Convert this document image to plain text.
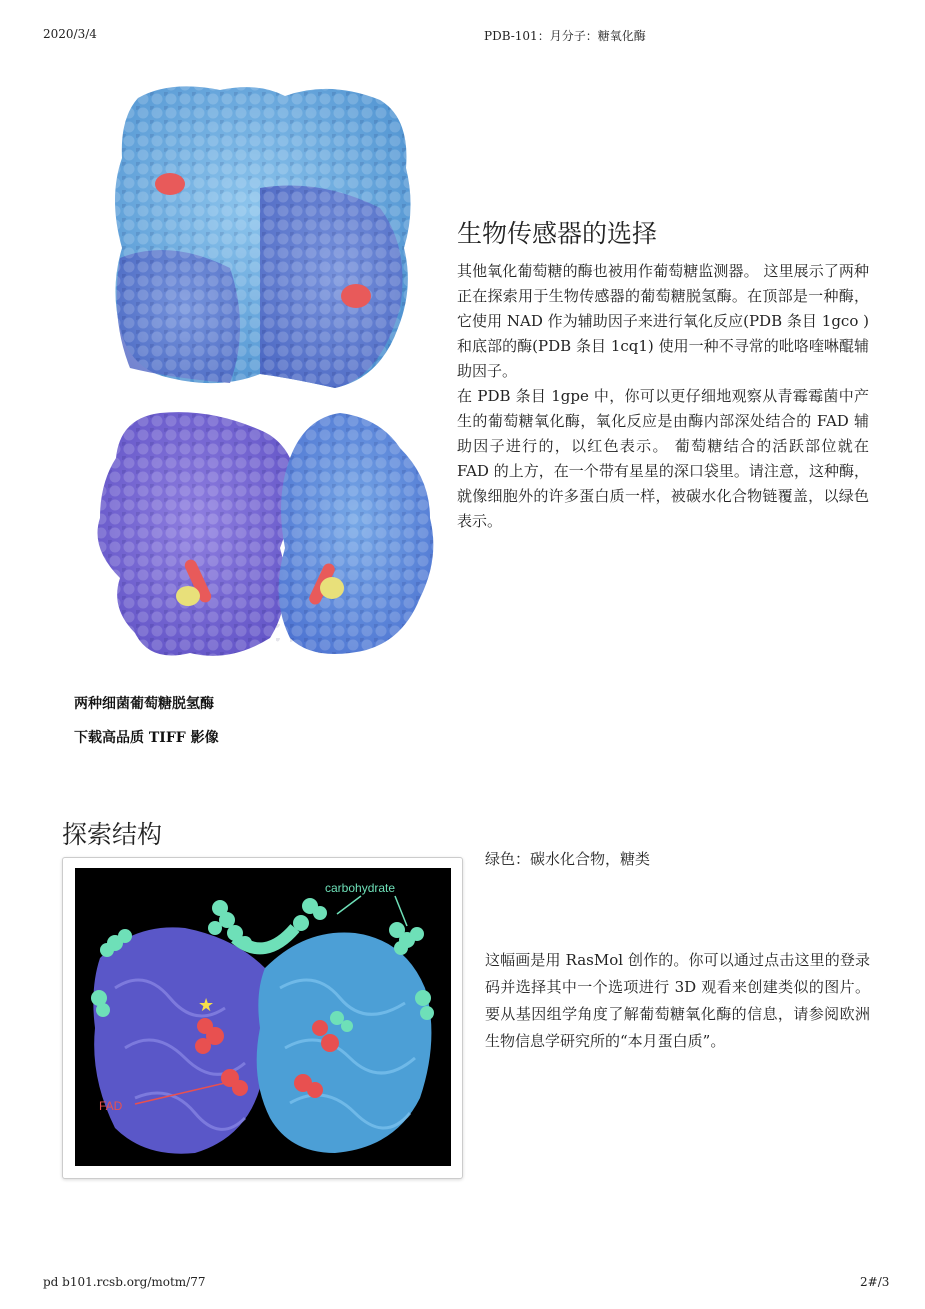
2020/3/4	PDB-101：月分子：糖氧化酶
两种细菌葡萄糖脱氢酶
下载高品质 TIFF 影像
生物传感器的选择

其他氧化葡萄糖的酶也被用作葡萄糖监测器。 这里展示了两种正在探索用于生物传感器的葡萄糖脱氢酶。在顶部是一种酶，它使用 NAD 作为辅助因子来进行氧化反应(PDB 条目 1gco )和底部的酶(PDB 条目 1cq1) 使用一种不寻常的吡咯喹啉醌辅助因子。

在 PDB 条目 1gpe 中，你可以更仔细地观察从青霉霉菌中产生的葡萄糖氧化酶，氧化反应是由酶内部深处结合的 FAD 辅助因子进行的，以红色表示。 葡萄糖结合的活跃部位就在 FAD 的上方，在一个带有星星的深口袋里。请注意，这种酶，就像细胞外的许多蛋白质一样，被碳水化合物链覆盖，以绿色表示。

探索结构
★
carbohydrate
FAD

绿色：碳水化合物，糖类

这幅画是用 RasMol 创作的。你可以通过点击这里的登录码并选择其中一个选项进行 3D 观看来创建类似的图片。 要从基因组学角度了解葡萄糖氧化酶的信息，请参阅欧洲生物信息学研究所的“本月蛋白质”。

pd b101.rcsb.org/motm/77	2#/3
